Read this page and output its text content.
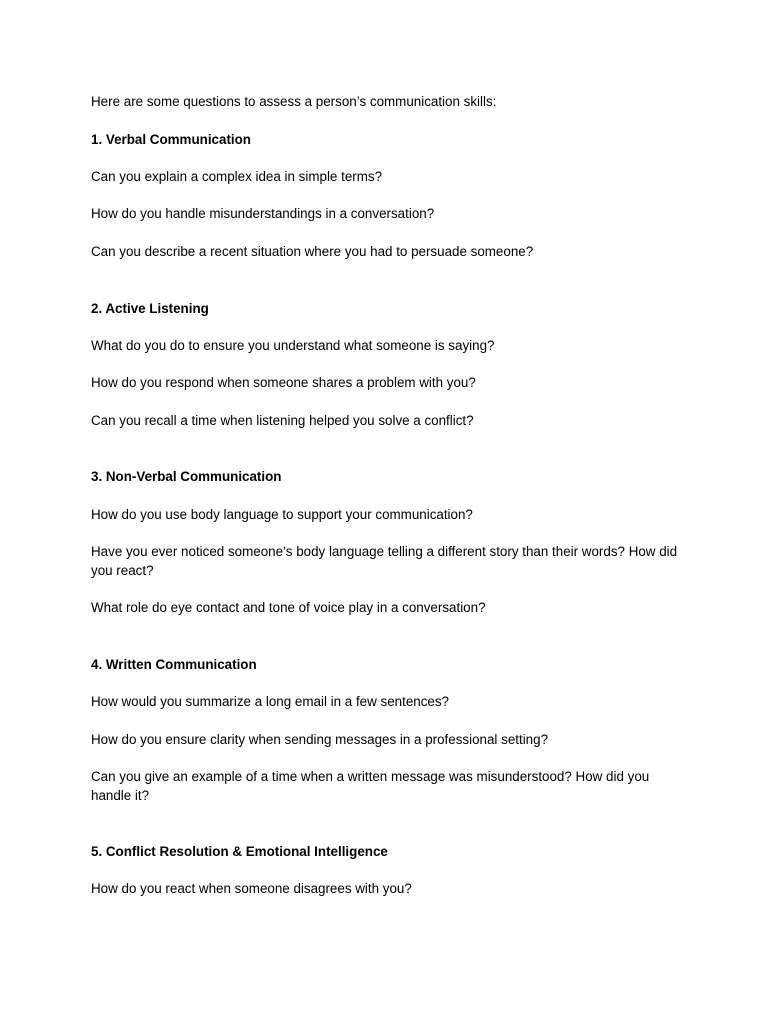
Here are some questions to assess a person’s communication skills:
1. Verbal Communication
Can you explain a complex idea in simple terms?
How do you handle misunderstandings in a conversation?
Can you describe a recent situation where you had to persuade someone?
2. Active Listening
What do you do to ensure you understand what someone is saying?
How do you respond when someone shares a problem with you?
Can you recall a time when listening helped you solve a conflict?
3. Non-Verbal Communication
How do you use body language to support your communication?
Have you ever noticed someone’s body language telling a different story than their words? How did you react?
What role do eye contact and tone of voice play in a conversation?
4. Written Communication
How would you summarize a long email in a few sentences?
How do you ensure clarity when sending messages in a professional setting?
Can you give an example of a time when a written message was misunderstood? How did you handle it?
5. Conflict Resolution & Emotional Intelligence
How do you react when someone disagrees with you?
